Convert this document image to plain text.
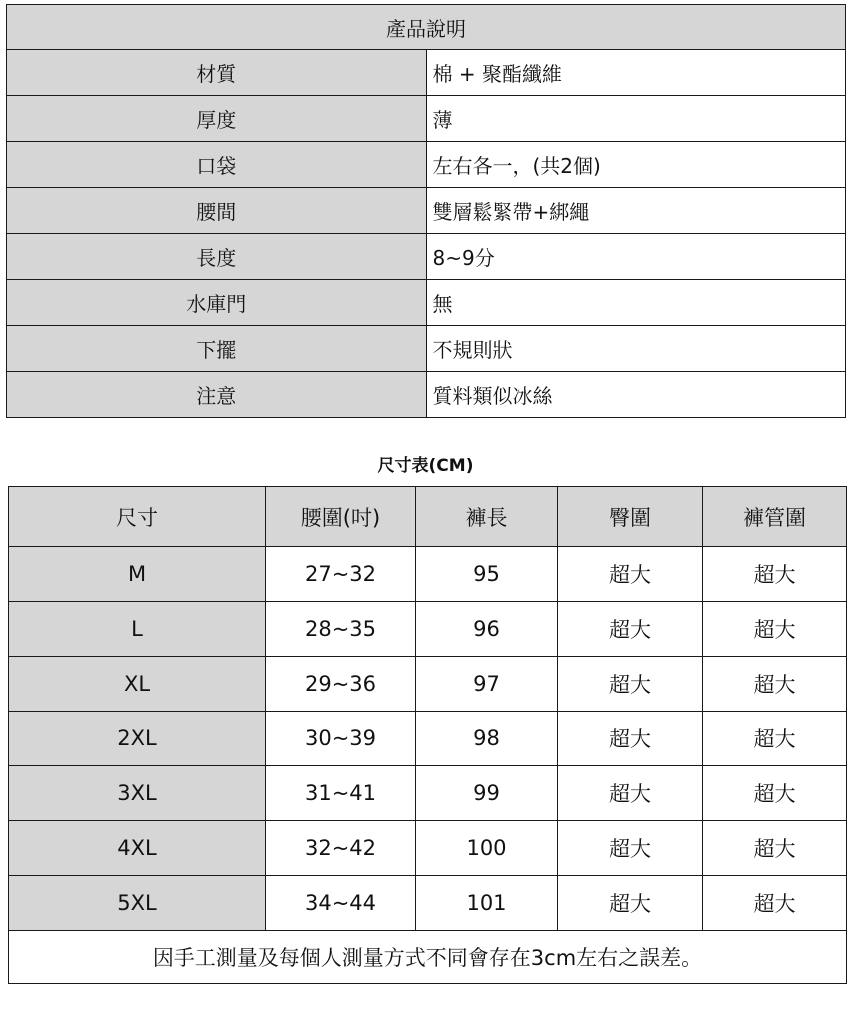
產品說明	
材質	棉 + 聚酯纖維
厚度	薄
口袋	左右各一，(共2個)
腰間	雙層鬆緊帶+綁繩
長度	8~9分
水庫門	無
下擺	不規則狀
注意	質料類似冰絲
尺寸表(CM)
尺寸	腰圍(吋)	褲長	臀圍	褲管圍
M	27~32	95	超大	超大
L	28~35	96	超大	超大
XL	29~36	97	超大	超大
2XL	30~39	98	超大	超大
3XL	31~41	99	超大	超大
4XL	32~42	100	超大	超大
5XL	34~44	101	超大	超大
因手工測量及每個人測量方式不同會存在3cm左右之誤差。				
